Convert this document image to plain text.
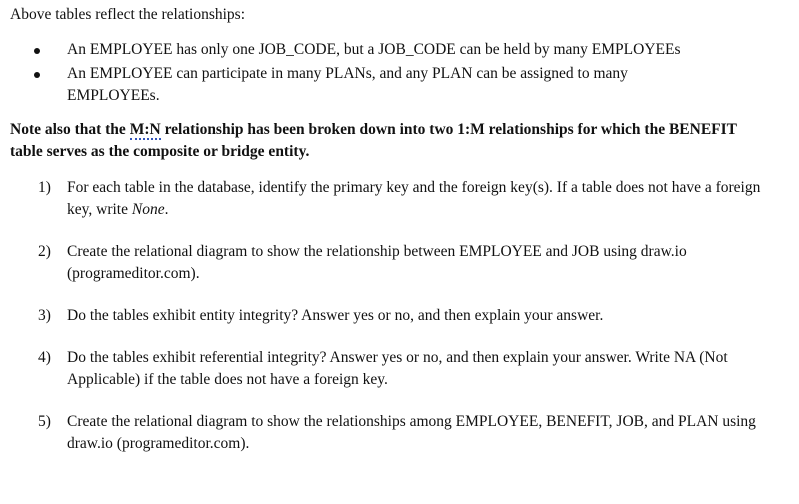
Above tables reflect the relationships:

An EMPLOYEE has only one JOB_CODE, but a JOB_CODE can be held by many EMPLOYEEs
An EMPLOYEE can participate in many PLANs, and any PLAN can be assigned to many EMPLOYEEs.

Note also that the M:N relationship has been broken down into two 1:M relationships for which the BENEFIT table serves as the composite or bridge entity.

1) For each table in the database, identify the primary key and the foreign key(s). If a table does not have a foreign key, write None.
2) Create the relational diagram to show the relationship between EMPLOYEE and JOB using draw.io (programeditor.com).
3) Do the tables exhibit entity integrity? Answer yes or no, and then explain your answer.
4) Do the tables exhibit referential integrity? Answer yes or no, and then explain your answer. Write NA (Not Applicable) if the table does not have a foreign key.
5) Create the relational diagram to show the relationships among EMPLOYEE, BENEFIT, JOB, and PLAN using draw.io (programeditor.com).
